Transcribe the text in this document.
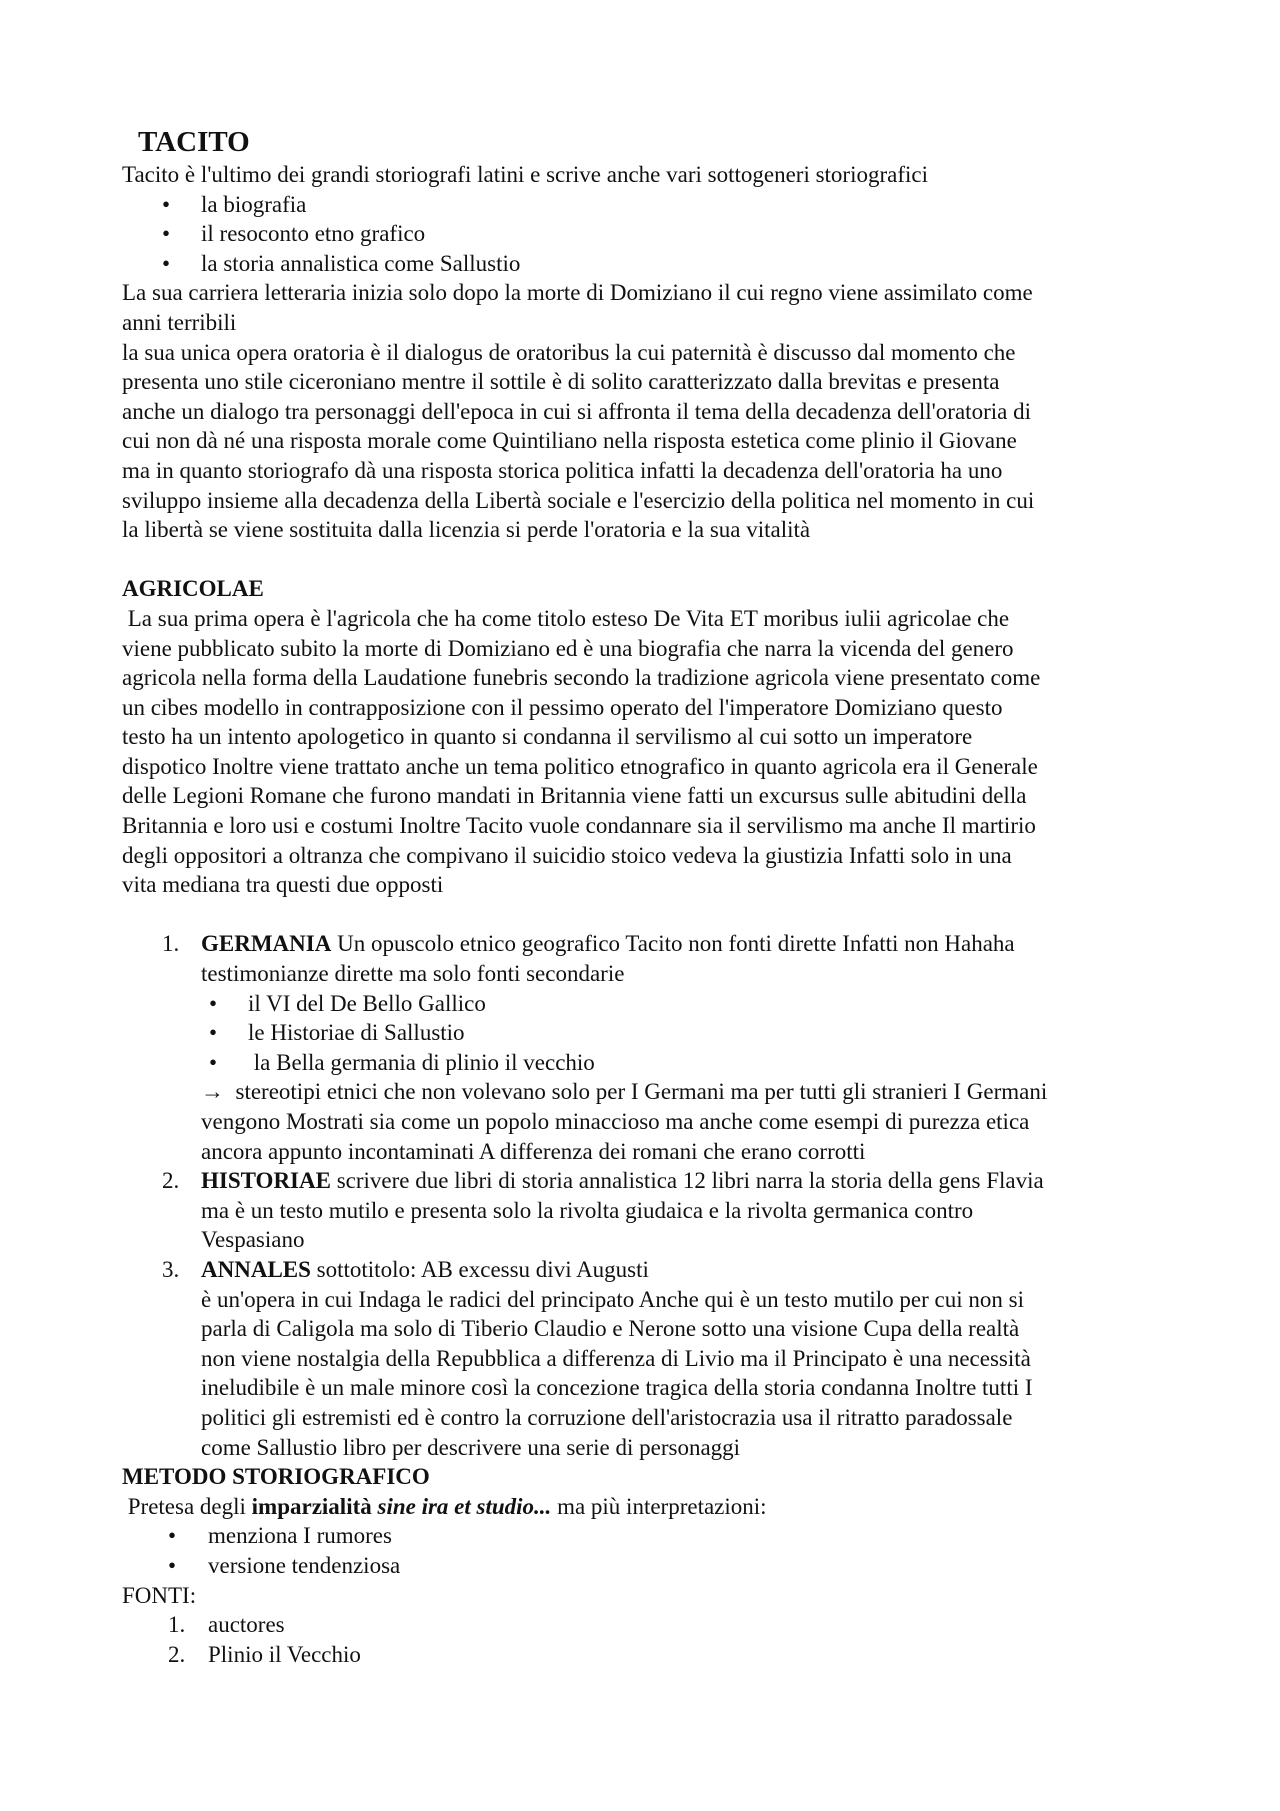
TACITO

Tacito è l'ultimo dei grandi storiografi latini e scrive anche vari sottogeneri storiografici

• la biografia
• il resoconto etno grafico
• la storia annalistica come Sallustio

La sua carriera letteraria inizia solo dopo la morte di Domiziano il cui regno viene assimilato come

anni terribili

la sua unica opera oratoria è il dialogus de oratoribus la cui paternità è discusso dal momento che

presenta uno stile ciceroniano mentre il sottile è di solito caratterizzato dalla brevitas e presenta

anche un dialogo tra personaggi dell'epoca in cui si affronta il tema della decadenza dell'oratoria di

cui non dà né una risposta morale come Quintiliano nella risposta estetica come plinio il Giovane

ma in quanto storiografo dà una risposta storica politica infatti la decadenza dell'oratoria ha uno

sviluppo insieme alla decadenza della Libertà sociale e l'esercizio della politica nel momento in cui

la libertà se viene sostituita dalla licenzia si perde l'oratoria e la sua vitalità

AGRICOLAE

La sua prima opera è l'agricola che ha come titolo esteso De Vita ET moribus iulii agricolae che

viene pubblicato subito la morte di Domiziano ed è una biografia che narra la vicenda del genero

agricola nella forma della Laudatione funebris secondo la tradizione agricola viene presentato come

un cibes modello in contrapposizione con il pessimo operato del l'imperatore Domiziano questo

testo ha un intento apologetico in quanto si condanna il servilismo al cui sotto un imperatore

dispotico Inoltre viene trattato anche un tema politico etnografico in quanto agricola era il Generale

delle Legioni Romane che furono mandati in Britannia viene fatti un excursus sulle abitudini della

Britannia e loro usi e costumi Inoltre Tacito vuole condannare sia il servilismo ma anche Il martirio

degli oppositori a oltranza che compivano il suicidio stoico vedeva la giustizia Infatti solo in una

vita mediana tra questi due opposti

1. GERMANIA Un opuscolo etnico geografico Tacito non fonti dirette Infatti non Hahaha
testimonianze dirette ma solo fonti secondarie
• il VI del De Bello Gallico
• le Historiae di Sallustio
• la Bella germania di plinio il vecchio
→  stereotipi etnici che non volevano solo per I Germani ma per tutti gli stranieri I Germani
vengono Mostrati sia come un popolo minaccioso ma anche come esempi di purezza etica
ancora appunto incontaminati A differenza dei romani che erano corrotti
2. HISTORIAE scrivere due libri di storia annalistica 12 libri narra la storia della gens Flavia
ma è un testo mutilo e presenta solo la rivolta giudaica e la rivolta germanica contro
Vespasiano
3. ANNALES sottotitolo: AB excessu divi Augusti
è un'opera in cui Indaga le radici del principato Anche qui è un testo mutilo per cui non si
parla di Caligola ma solo di Tiberio Claudio e Nerone sotto una visione Cupa della realtà
non viene nostalgia della Repubblica a differenza di Livio ma il Principato è una necessità
ineludibile è un male minore così la concezione tragica della storia condanna Inoltre tutti I
politici gli estremisti ed è contro la corruzione dell'aristocrazia usa il ritratto paradossale
come Sallustio libro per descrivere una serie di personaggi

METODO STORIOGRAFICO

Pretesa degli imparzialità sine ira et studio... ma più interpretazioni:

• menziona I rumores
• versione tendenziosa

FONTI:

1. auctores
2. Plinio il Vecchio
